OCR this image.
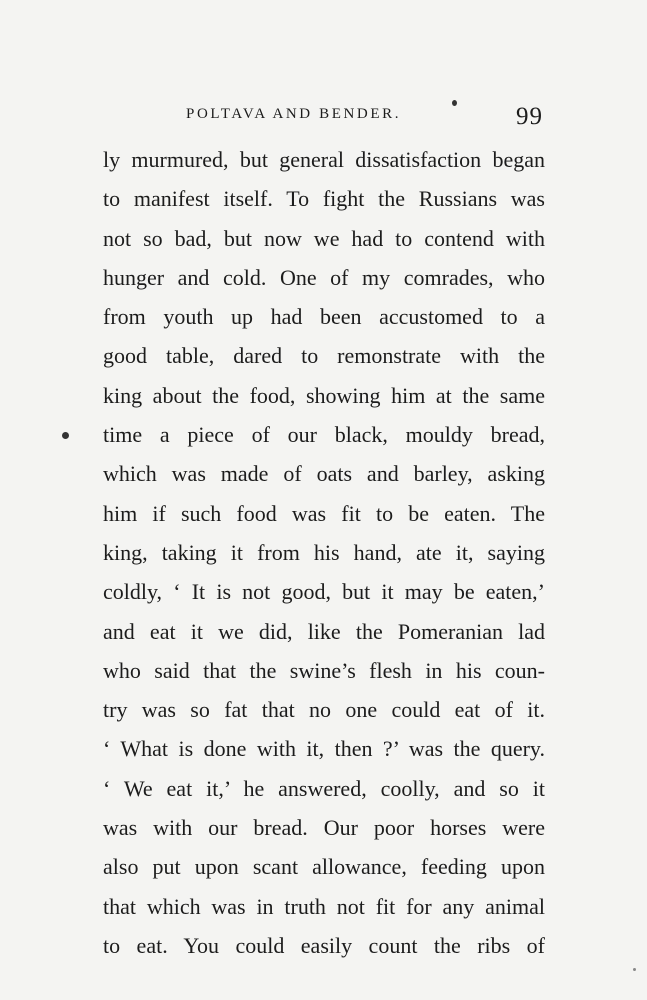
POLTAVA AND BENDER.	99
ly murmured, but general dissatisfaction began
to manifest itself. To fight the Russians was
not so bad, but now we had to contend with
hunger and cold. One of my comrades, who
from youth up had been accustomed to a
good table, dared to remonstrate with the
king about the food, showing him at the same
time a piece of our black, mouldy bread,
which was made of oats and barley, asking
him if such food was fit to be eaten. The
king, taking it from his hand, ate it, saying
coldly, ‘ It is not good, but it may be eaten,’
and eat it we did, like the Pomeranian lad
who said that the swine’s flesh in his coun-
try was so fat that no one could eat of it.
‘ What is done with it, then ?’ was the query.
‘ We eat it,’ he answered, coolly, and so it
was with our bread. Our poor horses were
also put upon scant allowance, feeding upon
that which was in truth not fit for any animal
to eat. You could easily count the ribs of
